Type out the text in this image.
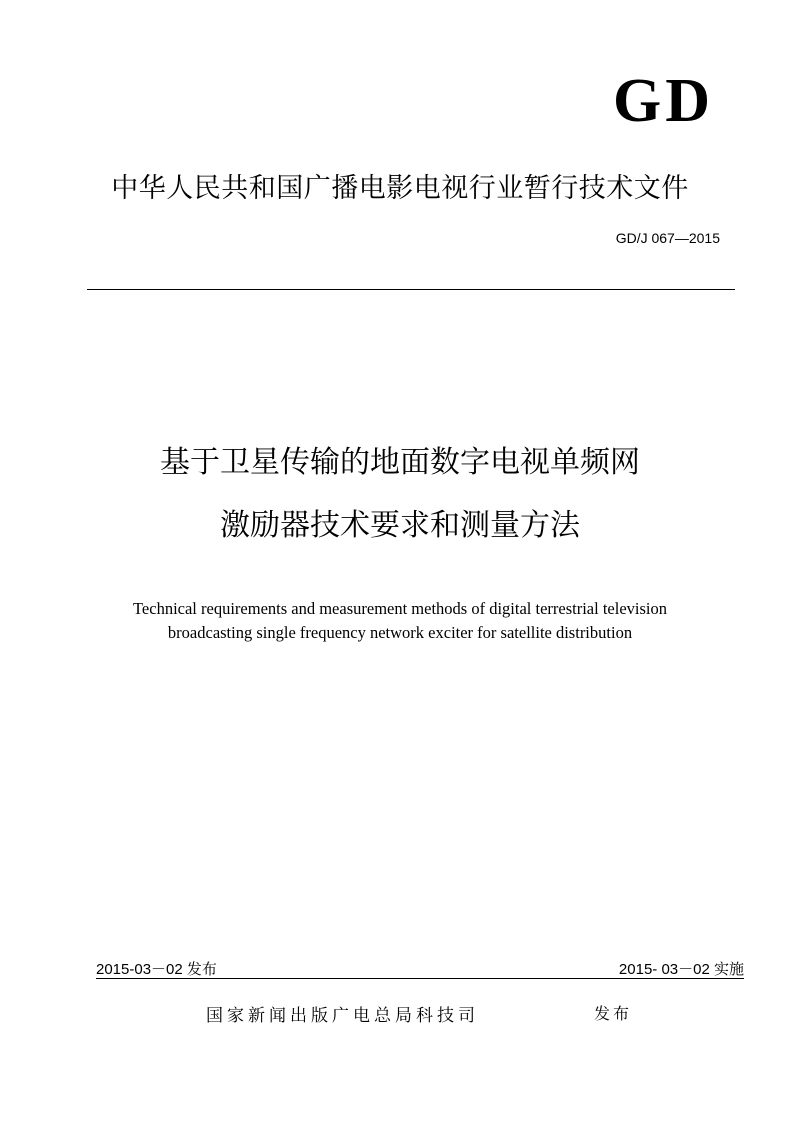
GD
中华人民共和国广播电影电视行业暂行技术文件
GD/J 067—2015
基于卫星传输的地面数字电视单频网
激励器技术要求和测量方法
Technical requirements and measurement methods of digital terrestrial television
broadcasting single frequency network exciter for satellite distribution
2015-03－02 发布	2015- 03－02 实施
国家新闻出版广电总局科技司	发布
